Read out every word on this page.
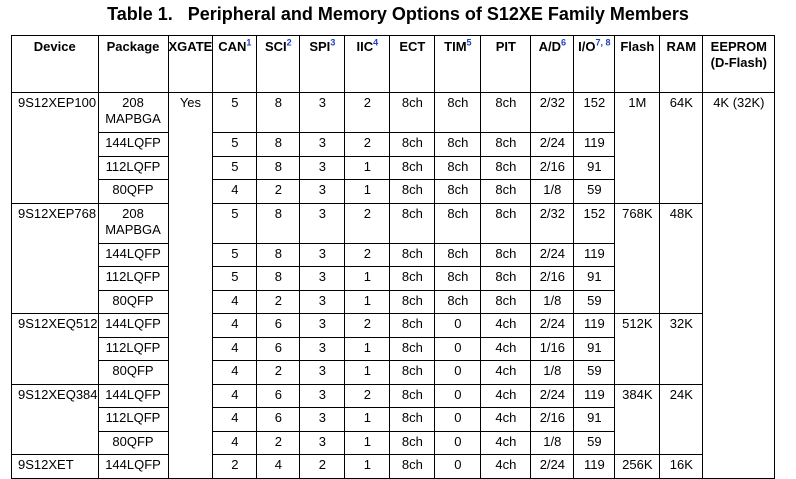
Table 1. Peripheral and Memory Options of S12XE Family Members
Device	Package	XGATE	CAN$^1$	SCI$^2$	SPI$^3$	IIC$^4$	ECT	TIM$^5$	PIT	$A/D^6$	$I/O^{7, 8}$	Flash	RAM	EEPROM (D-Flash)
9S12XEP100	208 MAPBGA	Yes	5	8	3	2	8ch	8ch	8ch	2/32	152	1M	64K	4K (32K)
	144LQFP		5	8	3	2	8ch	8ch	8ch	2/24	119			
	112LQFP		5	8	3	1	8ch	8ch	8ch	2/16	91			
	80QFP		4	2	3	1	8ch	8ch	8ch	1/8	59			
9S12XEP768	208 MAPBGA		5	8	3	2	8ch	8ch	8ch	2/32	152	768K	48K	
	144LQFP		5	8	3	2	8ch	8ch	8ch	2/24	119			
	112LQFP		5	8	3	1	8ch	8ch	8ch	2/16	91			
	80QFP		4	2	3	1	8ch	8ch	8ch	1/8	59			
9S12XEQ512	144LQFP		4	6	3	2	8ch	0	4ch	2/24	119	512K	32K	
	112LQFP		4	6	3	1	8ch	0	4ch	1/16	91			
	80QFP		4	2	3	1	8ch	0	4ch	1/8	59			
9S12XEQ384	144LQFP		4	6	3	2	8ch	0	4ch	2/24	119	384K	24K	
	112LQFP		4	6	3	1	8ch	0	4ch	2/16	91			
	80QFP		4	2	3	1	8ch	0	4ch	1/8	59			
9S12XET	144LQFP		2	4	2	1	8ch	0	4ch	2/24	119	256K	16K	
